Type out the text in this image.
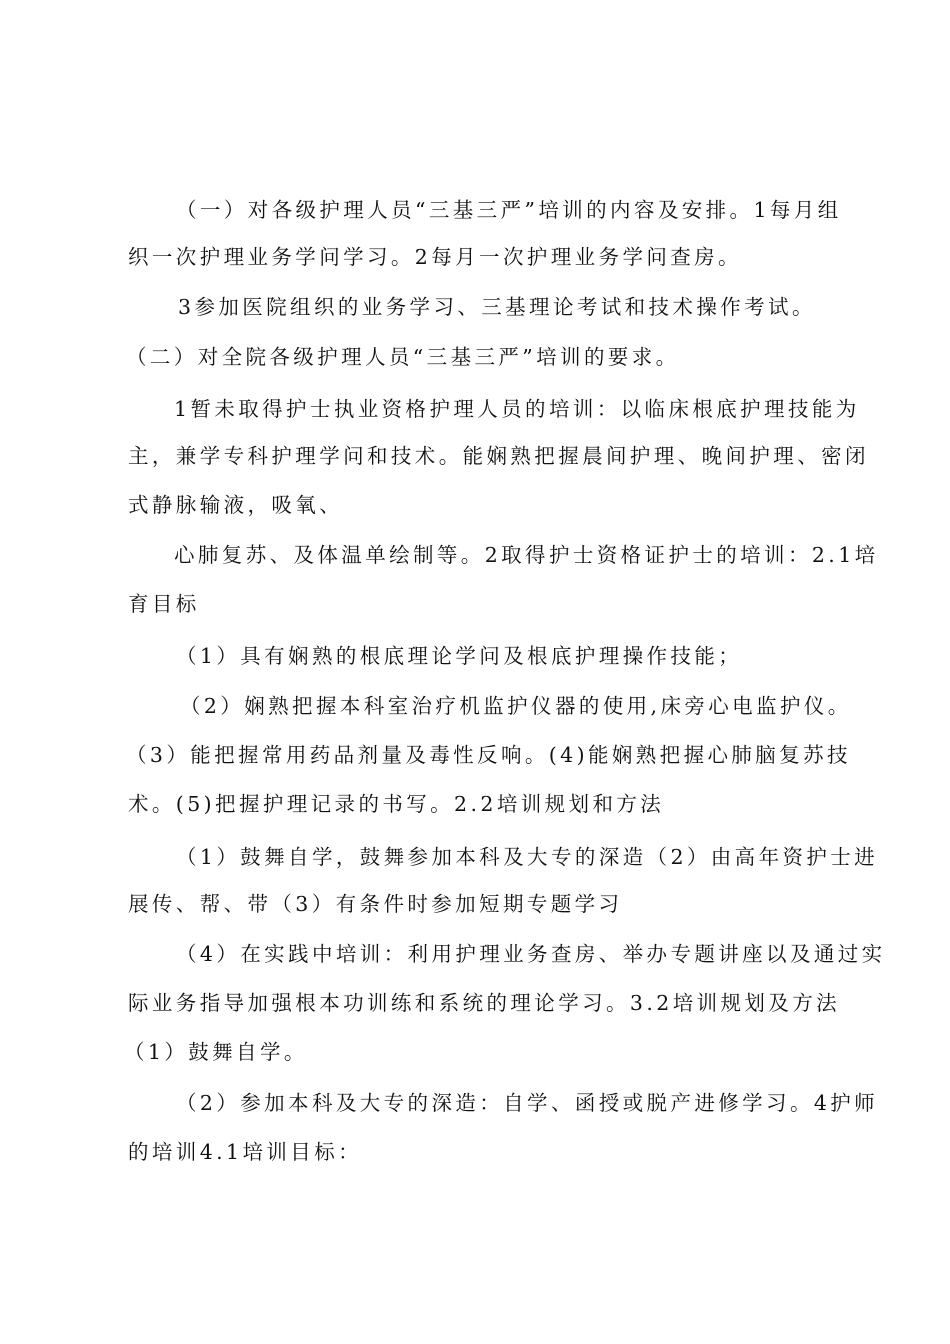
（一）对各级护理人员“三基三严”培训的内容及安排。1每月组
织一次护理业务学问学习。2每月一次护理业务学问查房。
3参加医院组织的业务学习、三基理论考试和技术操作考试。
（二）对全院各级护理人员“三基三严”培训的要求。
1暂未取得护士执业资格护理人员的培训：以临床根底护理技能为
主，兼学专科护理学问和技术。能娴熟把握晨间护理、晚间护理、密闭
式静脉输液，吸氧、
心肺复苏、及体温单绘制等。2取得护士资格证护士的培训：2.1培
育目标
（1）具有娴熟的根底理论学问及根底护理操作技能；
（2）娴熟把握本科室治疗机监护仪器的使用,床旁心电监护仪。
（3）能把握常用药品剂量及毒性反响。(4)能娴熟把握心肺脑复苏技
术。(5)把握护理记录的书写。2.2培训规划和方法
（1）鼓舞自学，鼓舞参加本科及大专的深造（2）由高年资护士进
展传、帮、带（3）有条件时参加短期专题学习
（4）在实践中培训：利用护理业务查房、举办专题讲座以及通过实
际业务指导加强根本功训练和系统的理论学习。3.2培训规划及方法
（1）鼓舞自学。
（2）参加本科及大专的深造：自学、函授或脱产进修学习。4护师
的培训4.1培训目标：
